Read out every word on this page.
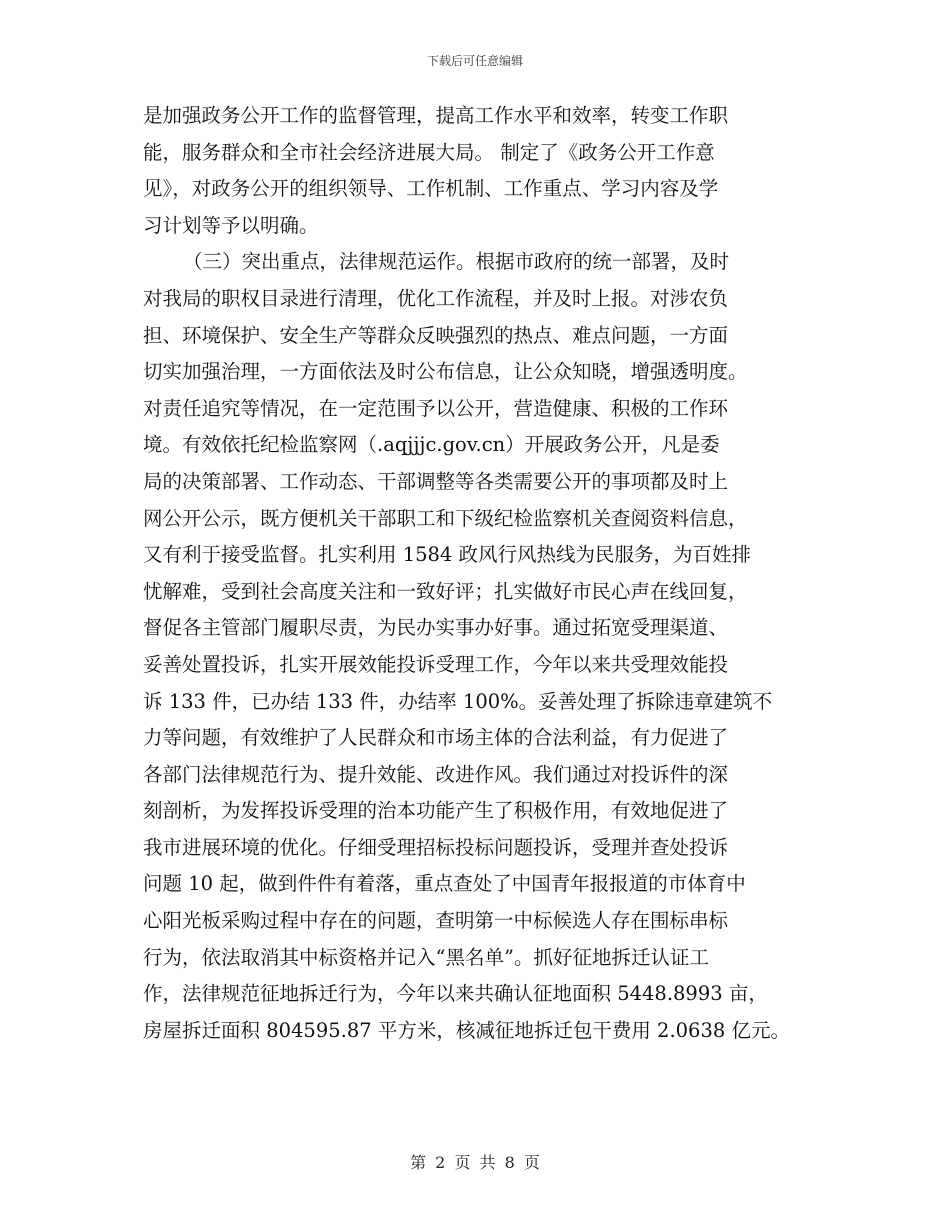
下载后可任意编辑
是加强政务公开工作的监督管理，提高工作水平和效率，转变工作职
能，服务群众和全市社会经济进展大局。 制定了《政务公开工作意
见》，对政务公开的组织领导、工作机制、工作重点、学习内容及学
习计划等予以明确。
（三）突出重点，法律规范运作。根据市政府的统一部署，及时
对我局的职权目录进行清理，优化工作流程，并及时上报。对涉农负
担、环境保护、安全生产等群众反映强烈的热点、难点问题，一方面
切实加强治理，一方面依法及时公布信息，让公众知晓，增强透明度。
对责任追究等情况，在一定范围予以公开，营造健康、积极的工作环
境。有效依托纪检监察网（.aqjjjc.gov.cn）开展政务公开，凡是委
局的决策部署、工作动态、干部调整等各类需要公开的事项都及时上
网公开公示，既方便机关干部职工和下级纪检监察机关查阅资料信息，
又有利于接受监督。扎实利用 1584 政风行风热线为民服务，为百姓排
忧解难，受到社会高度关注和一致好评；扎实做好市民心声在线回复，
督促各主管部门履职尽责，为民办实事办好事。通过拓宽受理渠道、
妥善处置投诉，扎实开展效能投诉受理工作，今年以来共受理效能投
诉 133 件，已办结 133 件，办结率 100%。妥善处理了拆除违章建筑不
力等问题，有效维护了人民群众和市场主体的合法利益，有力促进了
各部门法律规范行为、提升效能、改进作风。我们通过对投诉件的深
刻剖析，为发挥投诉受理的治本功能产生了积极作用，有效地促进了
我市进展环境的优化。仔细受理招标投标问题投诉，受理并查处投诉
问题 10 起，做到件件有着落，重点查处了中国青年报报道的市体育中
心阳光板采购过程中存在的问题，查明第一中标候选人存在围标串标
行为，依法取消其中标资格并记入“黑名单”。抓好征地拆迁认证工
作，法律规范征地拆迁行为，今年以来共确认征地面积 5448.8993 亩，
房屋拆迁面积 804595.87 平方米，核减征地拆迁包干费用 2.0638 亿元。
第 2 页 共 8 页
